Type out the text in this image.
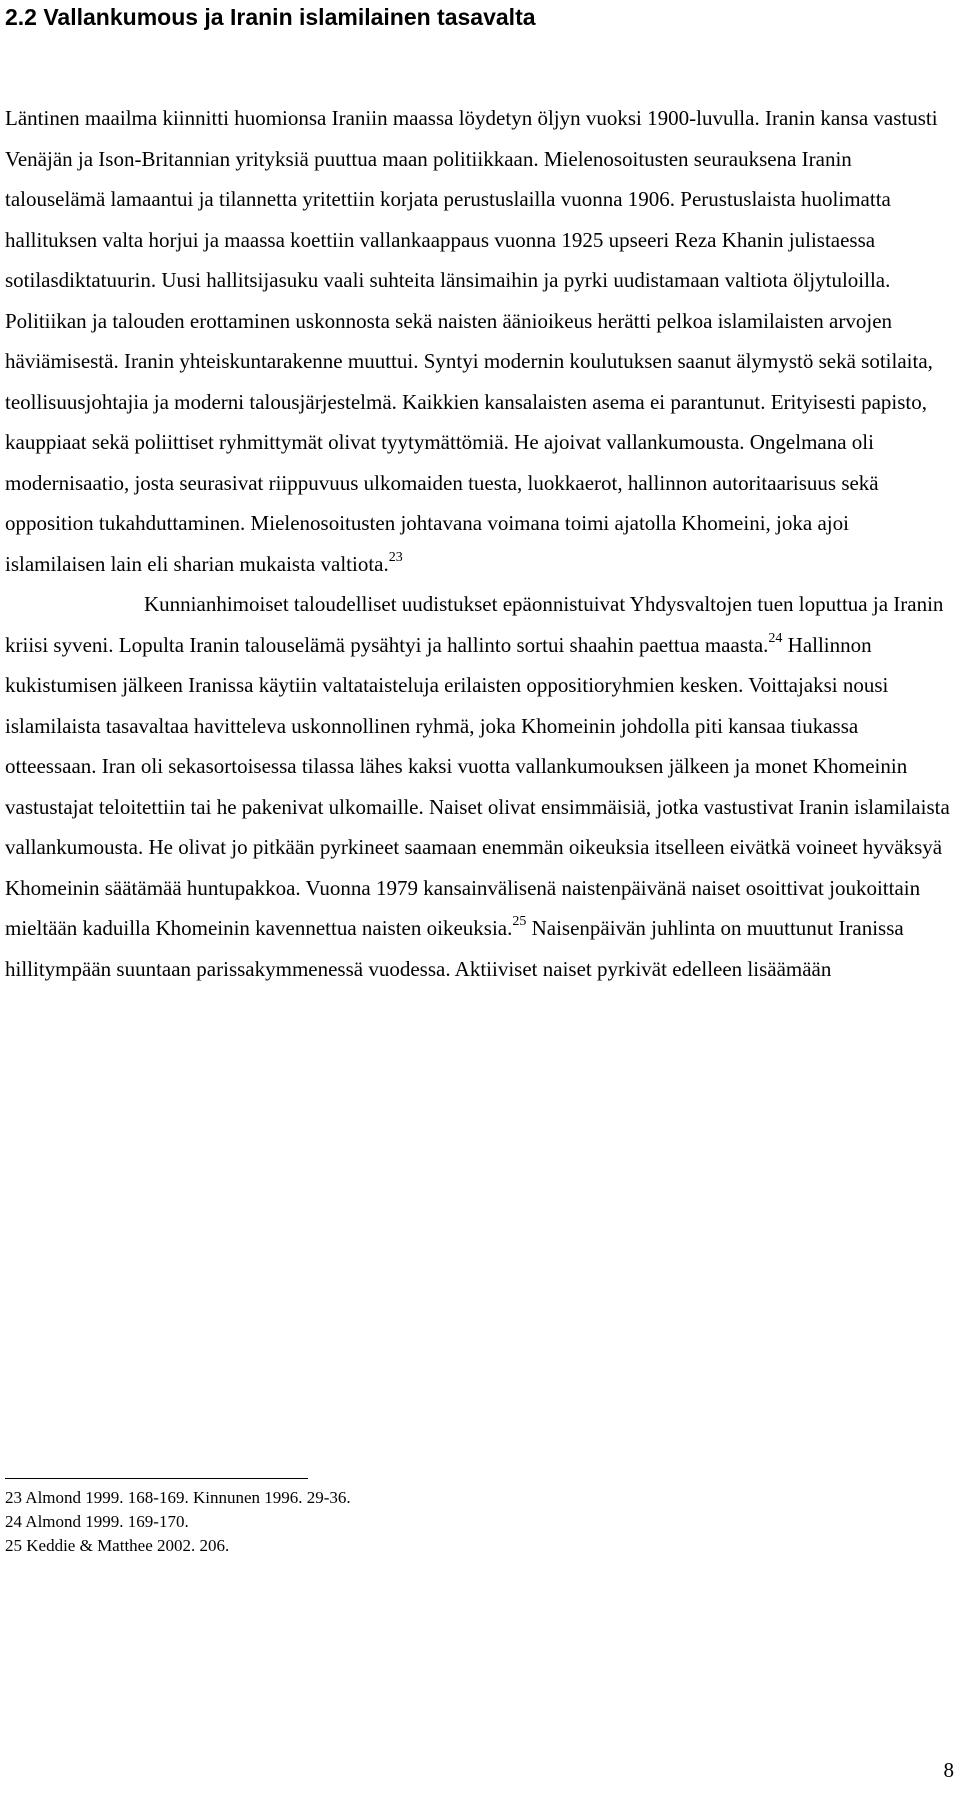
2.2 Vallankumous ja Iranin islamilainen tasavalta

Läntinen maailma kiinnitti huomionsa Iraniin maassa löydetyn öljyn vuoksi 1900-luvulla. Iranin kansa vastusti Venäjän ja Ison-Britannian yrityksiä puuttua maan politiikkaan. Mielenosoitusten seurauksena Iranin talouselämä lamaantui ja tilannetta yritettiin korjata perustuslailla vuonna 1906. Perustuslaista huolimatta hallituksen valta horjui ja maassa koettiin vallankaappaus vuonna 1925 upseeri Reza Khanin julistaessa sotilasdiktatuurin. Uusi hallitsijasuku vaali suhteita länsimaihin ja pyrki uudistamaan valtiota öljytuloilla. Politiikan ja talouden erottaminen uskonnosta sekä naisten äänioikeus herätti pelkoa islamilaisten arvojen häviämisestä. Iranin yhteiskuntarakenne muuttui. Syntyi modernin koulutuksen saanut älymystö sekä sotilaita, teollisuusjohtajia ja moderni talousjärjestelmä. Kaikkien kansalaisten asema ei parantunut. Erityisesti papisto, kauppiaat sekä poliittiset ryhmittymät olivat tyytymättömiä. He ajoivat vallankumousta. Ongelmana oli modernisaatio, josta seurasivat riippuvuus ulkomaiden tuesta, luokkaerot, hallinnon autoritaarisuus sekä opposition tukahduttaminen. Mielenosoitusten johtavana voimana toimi ajatolla Khomeini, joka ajoi islamilaisen lain eli sharian mukaista valtiota.$^{23}$

Kunnianhimoiset taloudelliset uudistukset epäonnistuivat Yhdysvaltojen tuen loputtua ja Iranin kriisi syveni. Lopulta Iranin talouselämä pysähtyi ja hallinto sortui shaahin paettua maasta.$^{24}$ Hallinnon kukistumisen jälkeen Iranissa käytiin valtataisteluja erilaisten oppositioryhmien kesken. Voittajaksi nousi islamilaista tasavaltaa havitteleva uskonnollinen ryhmä, joka Khomeinin johdolla piti kansaa tiukassa otteessaan. Iran oli sekasortoisessa tilassa lähes kaksi vuotta vallankumouksen jälkeen ja monet Khomeinin vastustajat teloitettiin tai he pakenivat ulkomaille. Naiset olivat ensimmäisiä, jotka vastustivat Iranin islamilaista vallankumousta. He olivat jo pitkään pyrkineet saamaan enemmän oikeuksia itselleen eivätkä voineet hyväksyä Khomeinin säätämää huntupakkoa. Vuonna 1979 kansainvälisenä naistenpäivänä naiset osoittivat joukoittain mieltään kaduilla Khomeinin kavennettua naisten oikeuksia.$^{25}$ Naisenpäivän juhlinta on muuttunut Iranissa hillitympään suuntaan parissakymmenessä vuodessa. Aktiiviset naiset pyrkivät edelleen lisäämään

23 Almond 1999. 168-169. Kinnunen 1996. 29-36.

24 Almond 1999. 169-170.

25 Keddie & Matthee 2002. 206.

8
